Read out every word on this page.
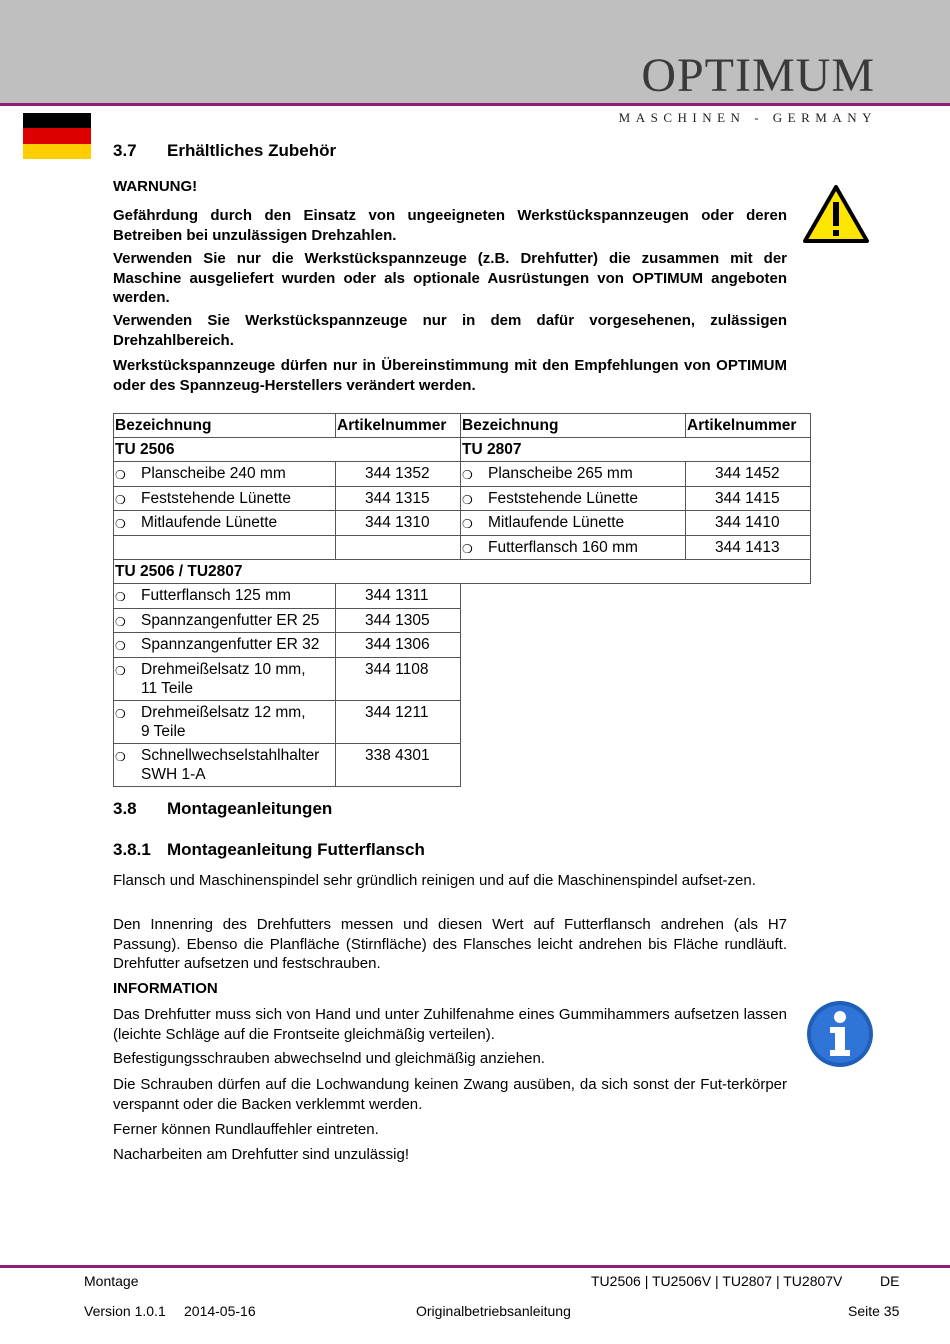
OPTIMUM
MASCHINEN - GERMANY
3.7 Erhältliches Zubehör
WARNUNG!
Gefährdung durch den Einsatz von ungeeigneten Werkstückspannzeugen oder deren Betreiben bei unzulässigen Drehzahlen.
Verwenden Sie nur die Werkstückspannzeuge (z.B. Drehfutter) die zusammen mit der Maschine ausgeliefert wurden oder als optionale Ausrüstungen von OPTIMUM angeboten werden.
Verwenden Sie Werkstückspannzeuge nur in dem dafür vorgesehenen, zulässigen Drehzahlbereich.
Werkstückspannzeuge dürfen nur in Übereinstimmung mit den Empfehlungen von OPTIMUM oder des Spannzeug-Herstellers verändert werden.
Bezeichnung	Artikelnummer	Bezeichnung	Artikelnummer
TU 2506		TU 2807	
❍Planscheibe 240 mm	344 1352	❍Planscheibe 265 mm	344 1452
❍Feststehende Lünette	344 1315	❍Feststehende Lünette	344 1415
❍Mitlaufende Lünette	344 1310	❍Mitlaufende Lünette	344 1410
		❍Futterflansch 160 mm	344 1413
TU 2506 / TU2807			
❍Futterflansch 125 mm	344 1311		
❍Spannzangenfutter ER 25	344 1305		
❍Spannzangenfutter ER 32	344 1306		
❍Drehmeißelsatz 10 mm,
11 Teile	344 1108		
❍Drehmeißelsatz 12 mm,
9 Teile	344 1211		
❍Schnellwechselstahlhalter
SWH 1-A	338 4301		
3.8 Montageanleitungen
3.8.1 Montageanleitung Futterflansch
Flansch und Maschinenspindel sehr gründlich reinigen und auf die Maschinenspindel aufset-zen.
Den Innenring des Drehfutters messen und diesen Wert auf Futterflansch andrehen (als H7 Passung). Ebenso die Planfläche (Stirnfläche) des Flansches leicht andrehen bis Fläche rundläuft. Drehfutter aufsetzen und festschrauben.
INFORMATION
Das Drehfutter muss sich von Hand und unter Zuhilfenahme eines Gummihammers aufsetzen lassen (leichte Schläge auf die Frontseite gleichmäßig verteilen).
Befestigungsschrauben abwechselnd und gleichmäßig anziehen.
Die Schrauben dürfen auf die Lochwandung keinen Zwang ausüben, da sich sonst der Fut-terkörper verspannt oder die Backen verklemmt werden.
Ferner können Rundlauffehler eintreten.
Nacharbeiten am Drehfutter sind unzulässig!
Montage	TU2506 | TU2506V | TU2807 | TU2807V	DE
Version 1.0.1 2014-05-16	Originalbetriebsanleitung	Seite 35
